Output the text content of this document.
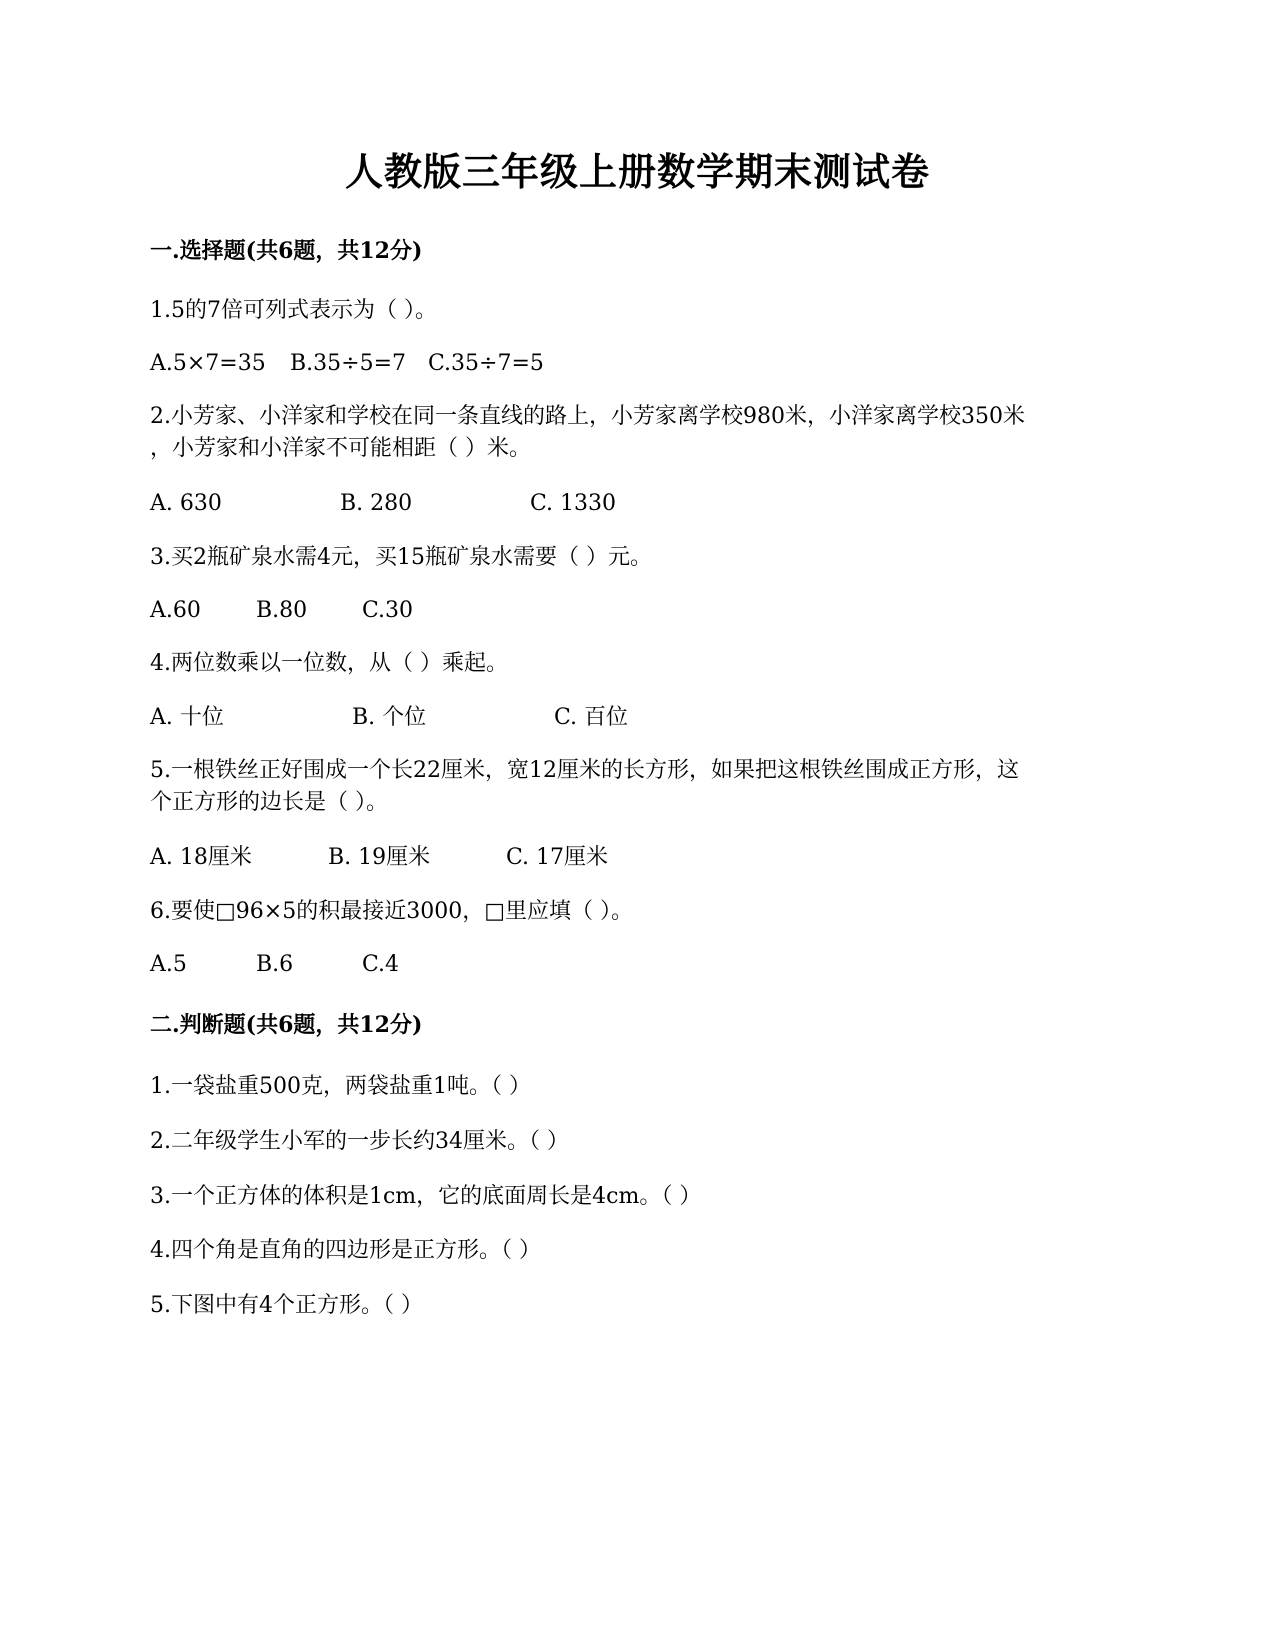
人教版三年级上册数学期末测试卷
一.选择题(共6题，共12分)
1.5的7倍可列式表示为（ ）。
A.5×7=35 B.35÷5=7 C.35÷7=5
2.小芳家、小洋家和学校在同一条直线的路上，小芳家离学校980米，小洋家离学校350米
，小芳家和小洋家不可能相距（ ）米。
A. 630	B. 280	C. 1330
3.买2瓶矿泉水需4元，买15瓶矿泉水需要（ ）元。
A.60	B.80 C.30
4.两位数乘以一位数，从（ ）乘起。
A. 十位	B. 个位	C. 百位
5.一根铁丝正好围成一个长22厘米，宽12厘米的长方形，如果把这根铁丝围成正方形，这
个正方形的边长是（ ）。
A. 18厘米	B. 19厘米	C. 17厘米
6.要使□96×5的积最接近3000，□里应填（ ）。
A.5	B.6	C.4
二.判断题(共6题，共12分)
1.一袋盐重500克，两袋盐重1吨。（ ）
2.二年级学生小军的一步长约34厘米。（ ）
3.一个正方体的体积是1cm，它的底面周长是4cm。（ ）
4.四个角是直角的四边形是正方形。（ ）
5.下图中有4个正方形。（ ）
